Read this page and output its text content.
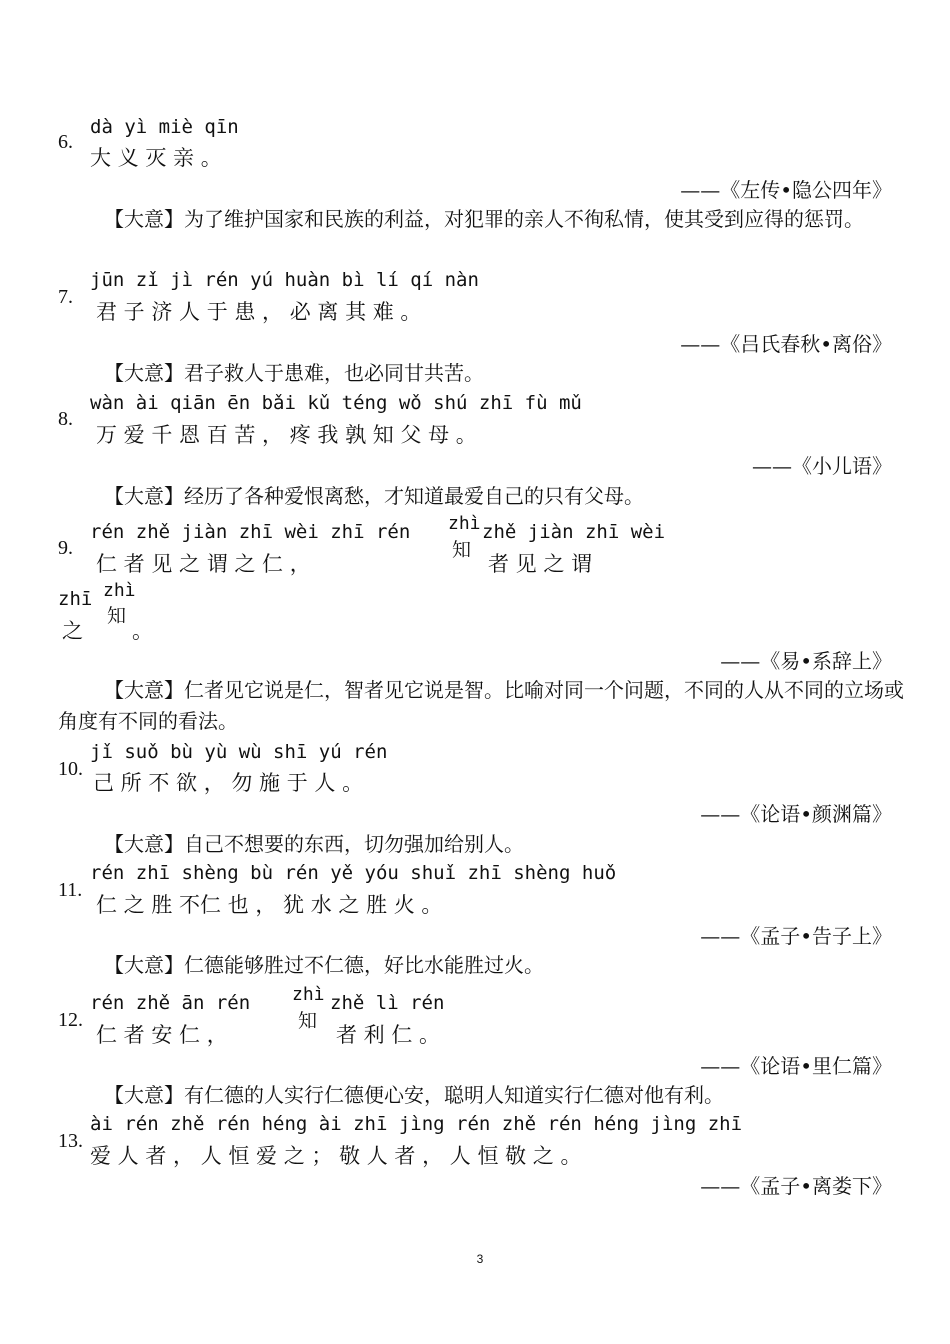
6.
dà yì miè qīn
大 义 灭 亲 。
——《左传•隐公四年》
【大意】为了维护国家和民族的利益，对犯罪的亲人不徇私情，使其受到应得的惩罚。
7.
jūn zǐ jì rén yú huàn bì lí qí nàn
君 子 济 人 于 患 ， 必 离 其 难 。
——《吕氏春秋•离俗》
【大意】君子救人于患难，也必同甘共苦。
8.
wàn ài qiān ēn bǎi kǔ téng wǒ shú zhī fù mǔ
万 爱 千 恩 百 苦 ， 疼 我 孰 知 父 母 。
——《小儿语》
【大意】经历了各种爱恨离愁，才知道最爱自己的只有父母。
9.
rén zhě jiàn zhī wèi zhī rén
仁 者 见 之 谓 之 仁 ，
zhì
知
zhě jiàn zhī wèi
者 见 之 谓
zhī
之
zhì
知
。
——《易•系辞上》
【大意】仁者见它说是仁，智者见它说是智。比喻对同一个问题，不同的人从不同的立场或角度有不同的看法。
10.
jǐ suǒ bù yù wù shī yú rén
己 所 不 欲 ， 勿 施 于 人 。
——《论语•颜渊篇》
【大意】自己不想要的东西，切勿强加给别人。
11.
rén zhī shèng bù rén yě yóu shuǐ zhī shèng huǒ
仁 之 胜 不仁 也 ， 犹 水 之 胜 火 。
——《孟子•告子上》
【大意】仁德能够胜过不仁德，好比水能胜过火。
12.
rén zhě ān rén
仁 者 安 仁 ，
zhì
知
zhě lì rén
者 利 仁 。
——《论语•里仁篇》
【大意】有仁德的人实行仁德便心安，聪明人知道实行仁德对他有利。
13.
ài rén zhě rén héng ài zhī jìng rén zhě rén héng jìng zhī
爱 人 者 ， 人 恒 爱 之 ； 敬 人 者 ， 人 恒 敬 之 。
——《孟子•离娄下》
3
